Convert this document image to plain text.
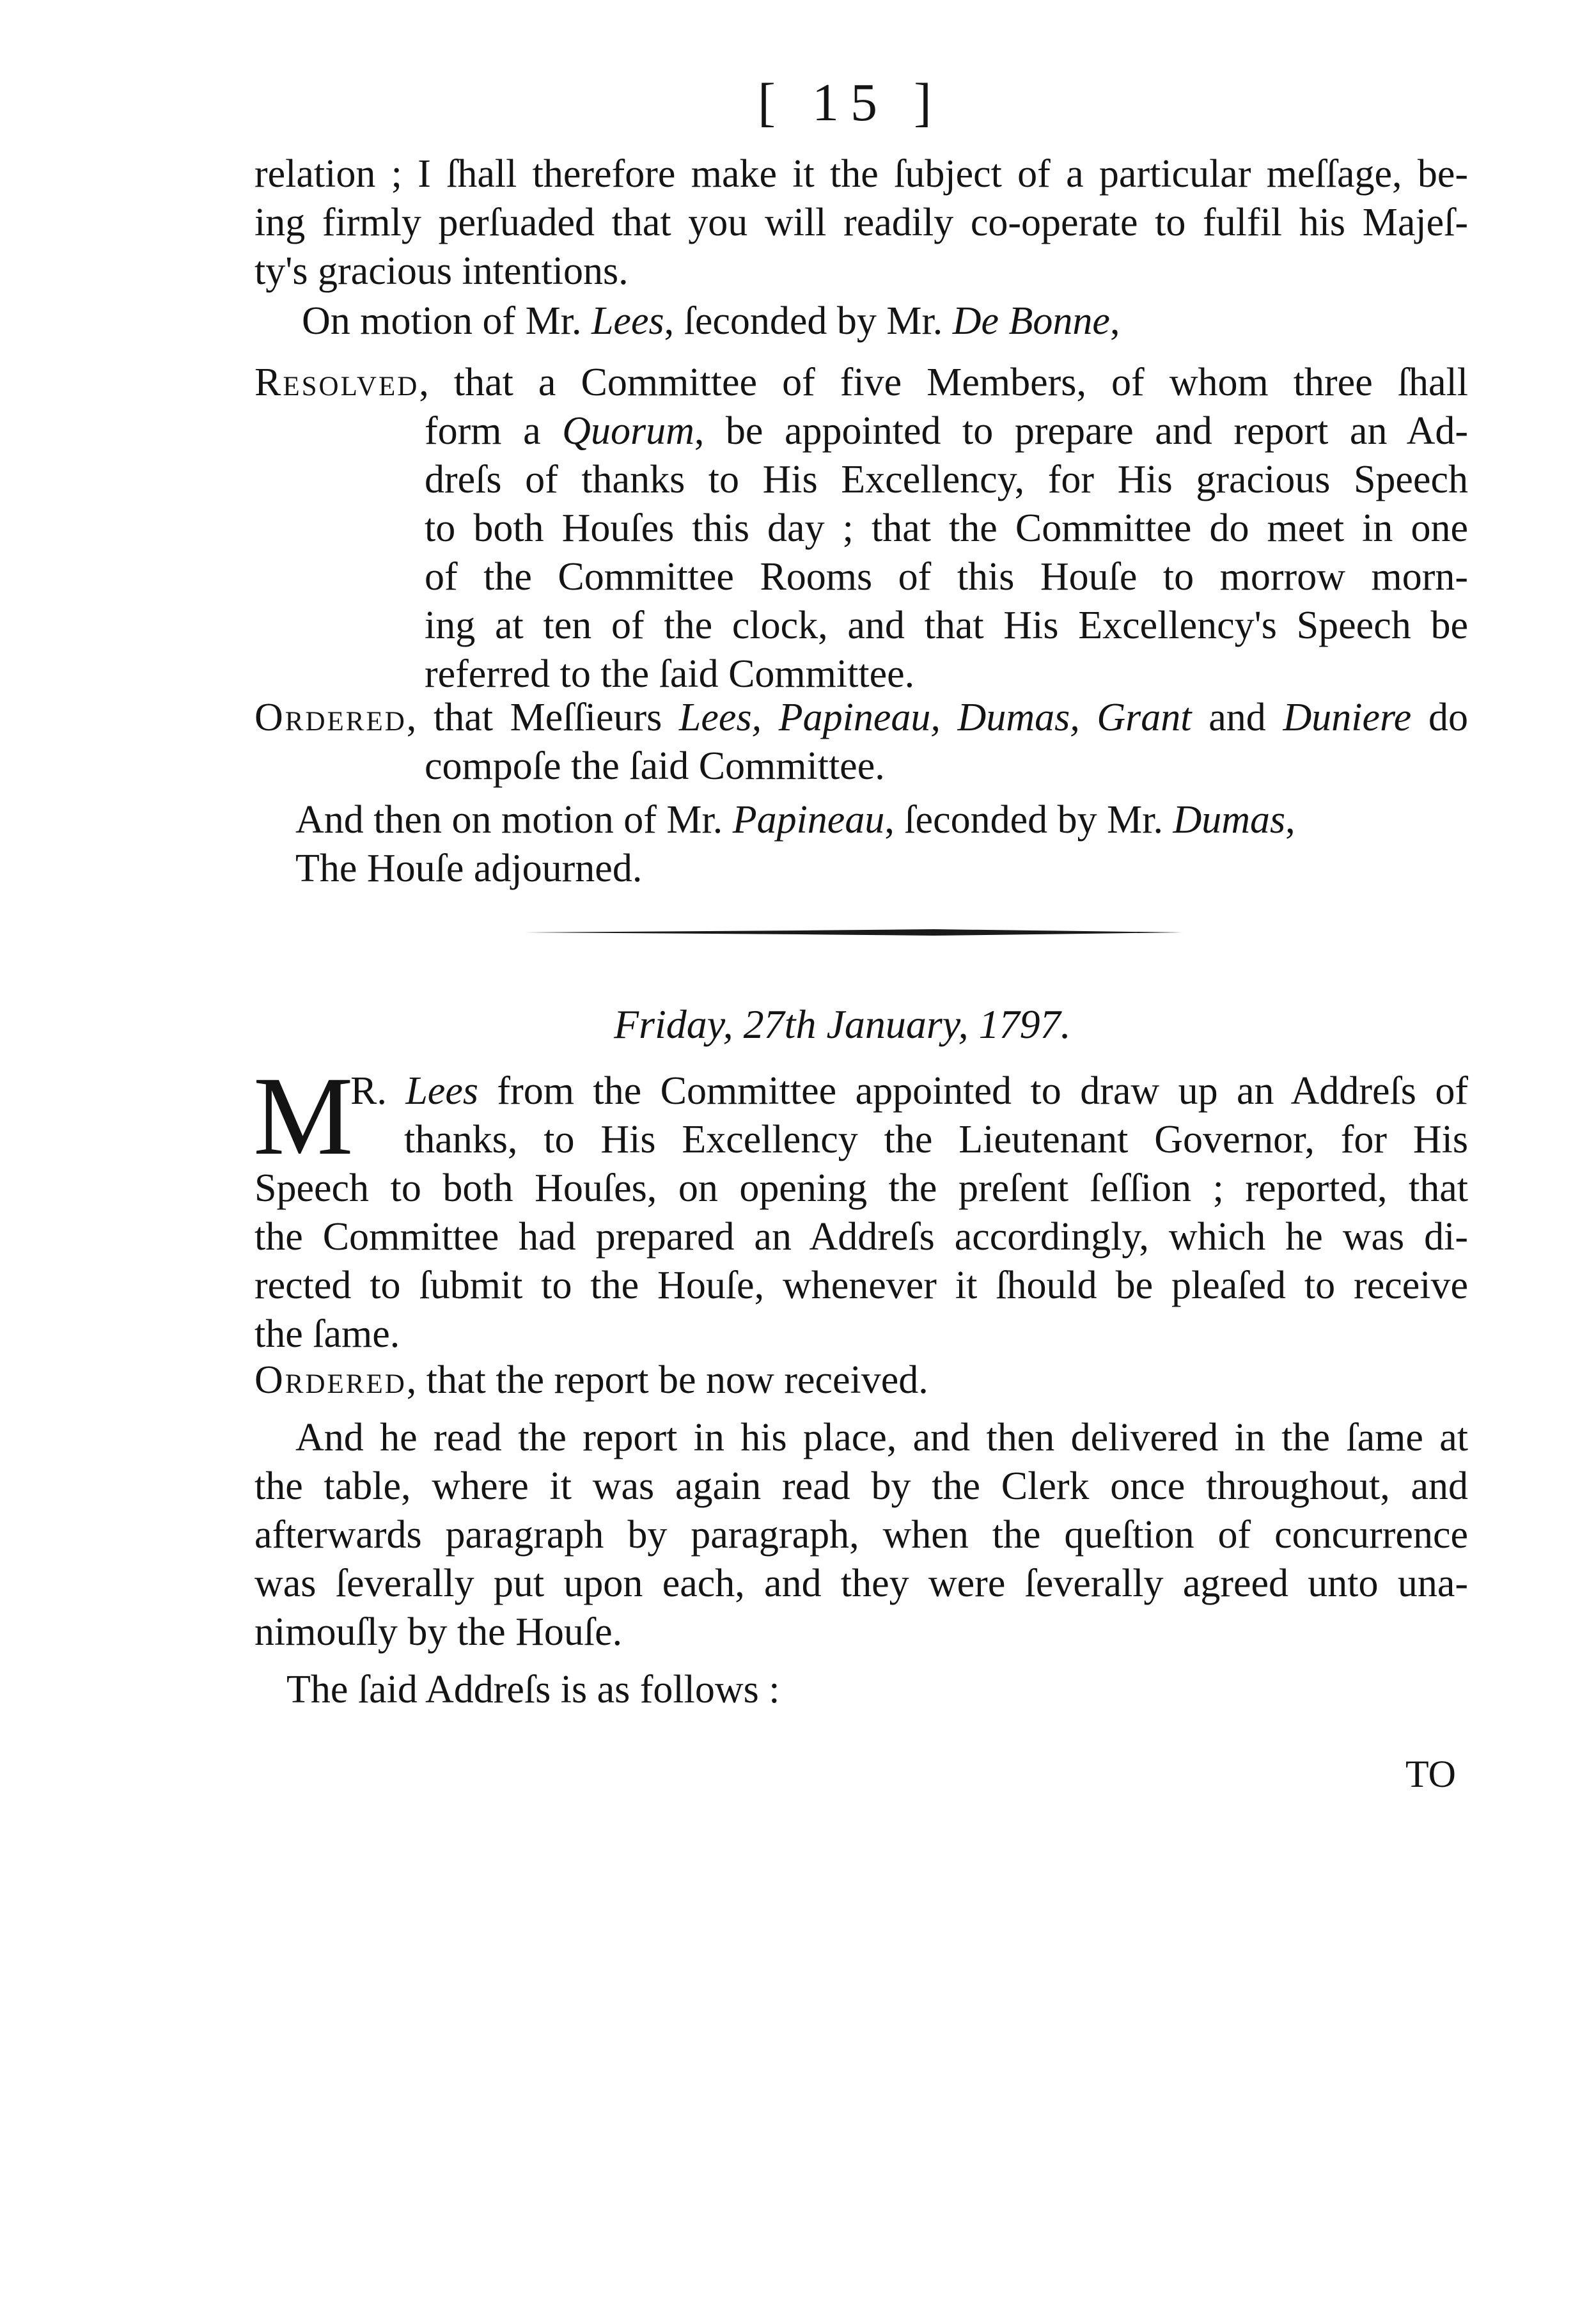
[ 15 ]
relation ; I ſhall therefore make it the ſubject of a particular meſſage, be-
ing firmly perſuaded that you will readily co-operate to fulfil his Majeſ-
ty's gracious intentions.
On motion of Mr. Lees, ſeconded by Mr. De Bonne,
Resolved, that a Committee of five Members, of whom three ſhall
form a Quorum, be appointed to prepare and report an Ad-
dreſs of thanks to His Excellency, for His gracious Speech
to both Houſes this day ; that the Committee do meet in one
of the Committee Rooms of this Houſe to morrow morn-
ing at ten of the clock, and that His Excellency's Speech be
referred to the ſaid Committee.
Ordered, that Meſſieurs Lees, Papineau, Dumas, Grant and Duniere do
compoſe the ſaid Committee.
And then on motion of Mr. Papineau, ſeconded by Mr. Dumas,
The Houſe adjourned.
Friday, 27th January, 1797.
M
R. Lees from the Committee appointed to draw up an Addreſs of
thanks, to His Excellency the Lieutenant Governor, for His
Speech to both Houſes, on opening the preſent ſeſſion ; reported, that
the Committee had prepared an Addreſs accordingly, which he was di-
rected to ſubmit to the Houſe, whenever it ſhould be pleaſed to receive
the ſame.
Ordered, that the report be now received.
And he read the report in his place, and then delivered in the ſame at
the table, where it was again read by the Clerk once throughout, and
afterwards paragraph by paragraph, when the queſtion of concurrence
was ſeverally put upon each, and they were ſeverally agreed unto una-
nimouſly by the Houſe.
The ſaid Addreſs is as follows :
TO
